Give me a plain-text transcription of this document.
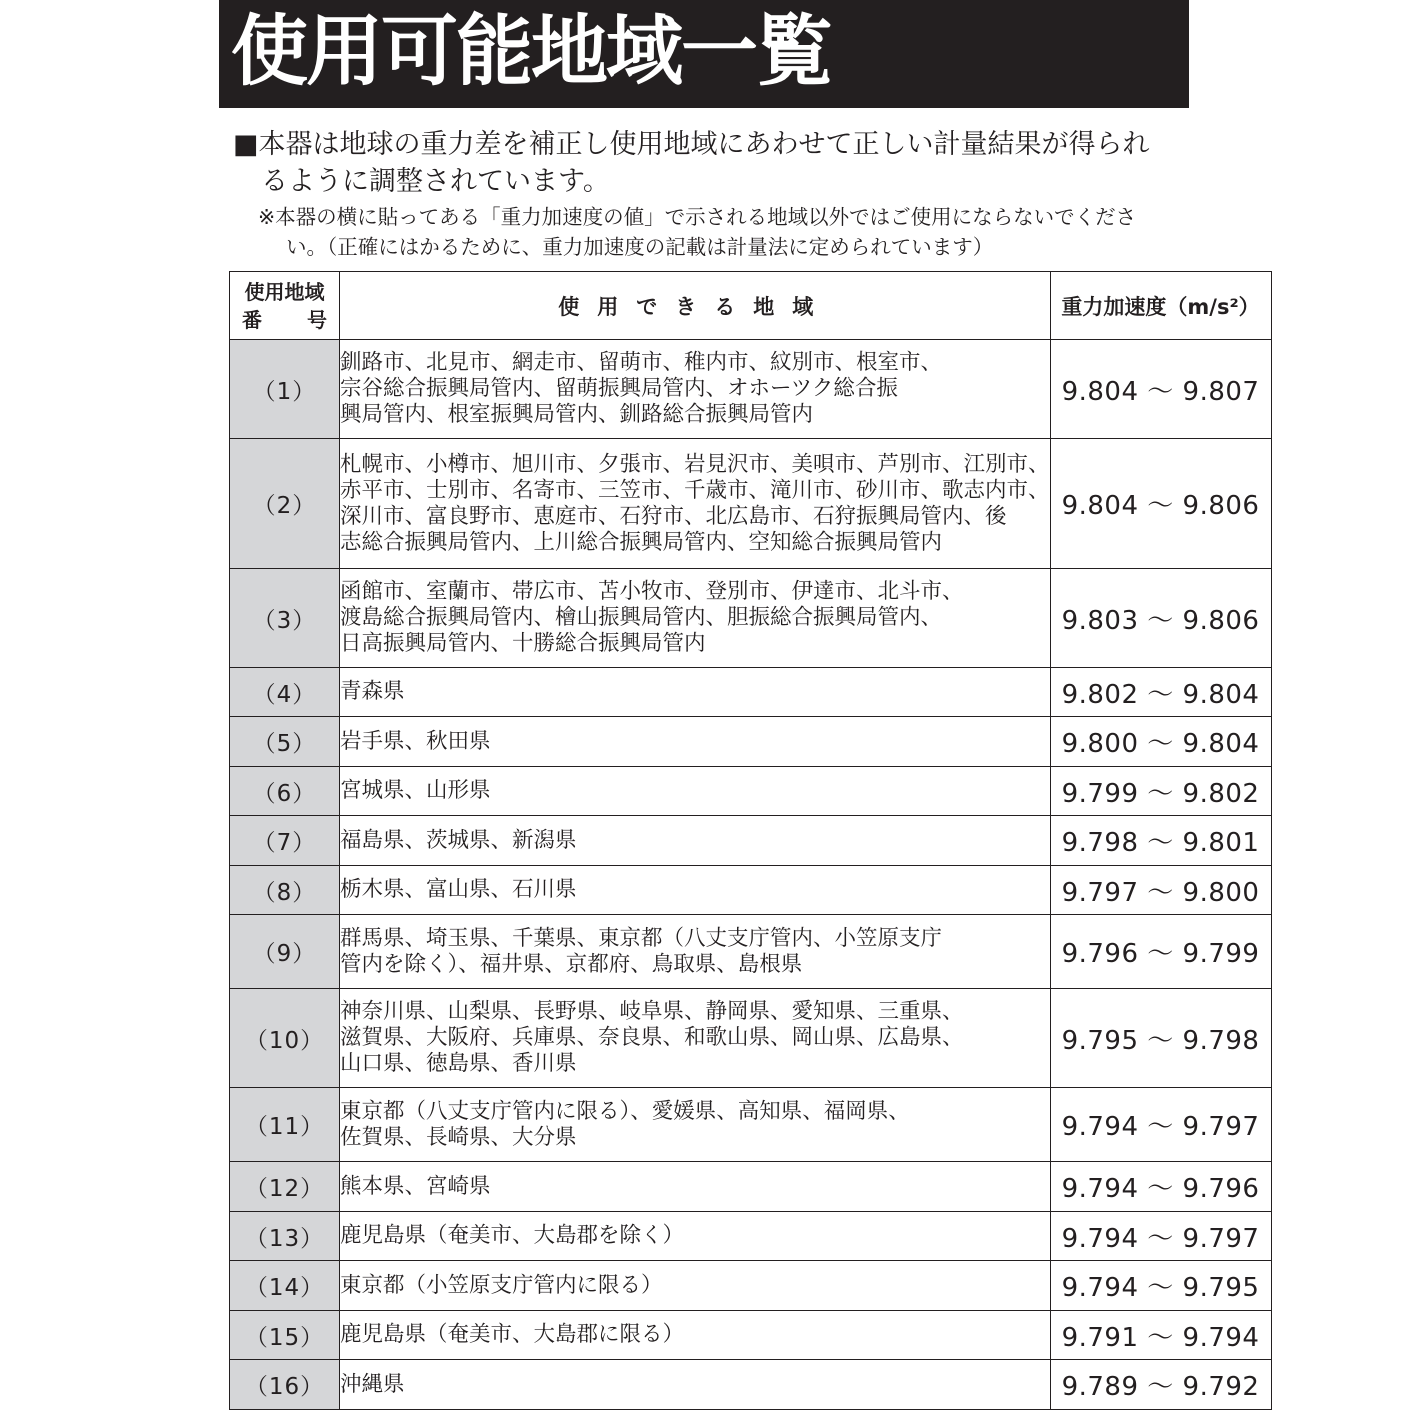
使用可能地域一覧
■本器は地球の重力差を補正し使用地域にあわせて正しい計量結果が得られ
るように調整されています。
※本器の横に貼ってある「重力加速度の値」で示される地域以外ではご使用にならないでくださ
い。（正確にはかるために、重力加速度の記載は計量法に定められています）
使用地域
番 号	使用できる地域	重力加速度（m/s²）
（1）	釧路市、北見市、網走市、留萌市、稚内市、紋別市、根室市、
宗谷総合振興局管内、留萌振興局管内、オホーツク総合振
興局管内、根室振興局管内、釧路総合振興局管内	9.804 ～ 9.807
（2）	札幌市、小樽市、旭川市、夕張市、岩見沢市、美唄市、芦別市、江別市、
赤平市、士別市、名寄市、三笠市、千歳市、滝川市、砂川市、歌志内市、
深川市、富良野市、恵庭市、石狩市、北広島市、石狩振興局管内、後
志総合振興局管内、上川総合振興局管内、空知総合振興局管内	9.804 ～ 9.806
（3）	函館市、室蘭市、帯広市、苫小牧市、登別市、伊達市、北斗市、
渡島総合振興局管内、檜山振興局管内、胆振総合振興局管内、
日高振興局管内、十勝総合振興局管内	9.803 ～ 9.806
（4）	青森県	9.802 ～ 9.804
（5）	岩手県、秋田県	9.800 ～ 9.804
（6）	宮城県、山形県	9.799 ～ 9.802
（7）	福島県、茨城県、新潟県	9.798 ～ 9.801
（8）	栃木県、富山県、石川県	9.797 ～ 9.800
（9）	群馬県、埼玉県、千葉県、東京都（八丈支庁管内、小笠原支庁
管内を除く）、福井県、京都府、鳥取県、島根県	9.796 ～ 9.799
（10）	神奈川県、山梨県、長野県、岐阜県、静岡県、愛知県、三重県、
滋賀県、大阪府、兵庫県、奈良県、和歌山県、岡山県、広島県、
山口県、徳島県、香川県	9.795 ～ 9.798
（11）	東京都（八丈支庁管内に限る）、愛媛県、高知県、福岡県、
佐賀県、長崎県、大分県	9.794 ～ 9.797
（12）	熊本県、宮崎県	9.794 ～ 9.796
（13）	鹿児島県（奄美市、大島郡を除く）	9.794 ～ 9.797
（14）	東京都（小笠原支庁管内に限る）	9.794 ～ 9.795
（15）	鹿児島県（奄美市、大島郡に限る）	9.791 ～ 9.794
（16）	沖縄県	9.789 ～ 9.792
